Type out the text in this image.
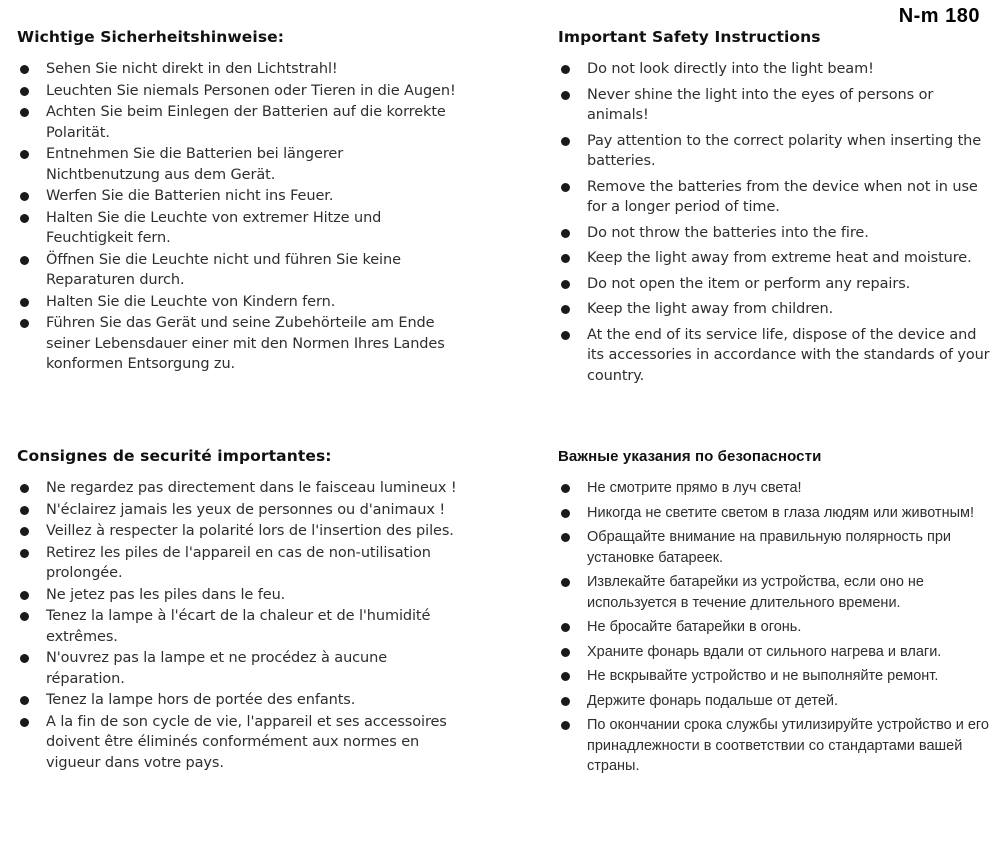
N-m 180
Wichtige Sicherheitshinweise:
Sehen Sie nicht direkt in den Lichtstrahl!
Leuchten Sie niemals Personen oder Tieren in die Augen!
Achten Sie beim Einlegen der Batterien auf die korrekte Polarität.
Entnehmen Sie die Batterien bei längerer Nichtbenutzung aus dem Gerät.
Werfen Sie die Batterien nicht ins Feuer.
Halten Sie die Leuchte von extremer Hitze und Feuchtigkeit fern.
Öffnen Sie die Leuchte nicht und führen Sie keine Reparaturen durch.
Halten Sie die Leuchte von Kindern fern.
Führen Sie das Gerät und seine Zubehörteile am Ende seiner Lebensdauer einer mit den Normen Ihres Landes konformen Entsorgung zu.
Important Safety Instructions
Do not look directly into the light beam!
Never shine the light into the eyes of persons or animals!
Pay attention to the correct polarity when inserting the batteries.
Remove the batteries from the device when not in use for a longer period of time.
Do not throw the batteries into the fire.
Keep the light away from extreme heat and moisture.
Do not open the item or perform any repairs.
Keep the light away from children.
At the end of its service life, dispose of the device and its accessories in accordance with the standards of your country.
Consignes de securité importantes:
Ne regardez pas directement dans le faisceau lumineux !
N'éclairez jamais les yeux de personnes ou d'animaux !
Veillez à respecter la polarité lors de l'insertion des piles.
Retirez les piles de l'appareil en cas de non-utilisation prolongée.
Ne jetez pas les piles dans le feu.
Tenez la lampe à l'écart de la chaleur et de l'humidité extrêmes.
N'ouvrez pas la lampe et ne procédez à aucune réparation.
Tenez la lampe hors de portée des enfants.
A la fin de son cycle de vie, l'appareil et ses accessoires doivent être éliminés conformément aux normes en vigueur dans votre pays.
Важные указания по безопасности
Не смотрите прямо в луч света!
Никогда не светите светом в глаза людям или животным!
Обращайте внимание на правильную полярность при установке батареек.
Извлекайте батарейки из устройства, если оно не используется в течение длительного времени.
Не бросайте батарейки в огонь.
Храните фонарь вдали от сильного нагрева и влаги.
Не вскрывайте устройство и не выполняйте ремонт.
Держите фонарь подальше от детей.
По окончании срока службы утилизируйте устройство и его принадлежности в соответствии со стандартами вашей страны.
